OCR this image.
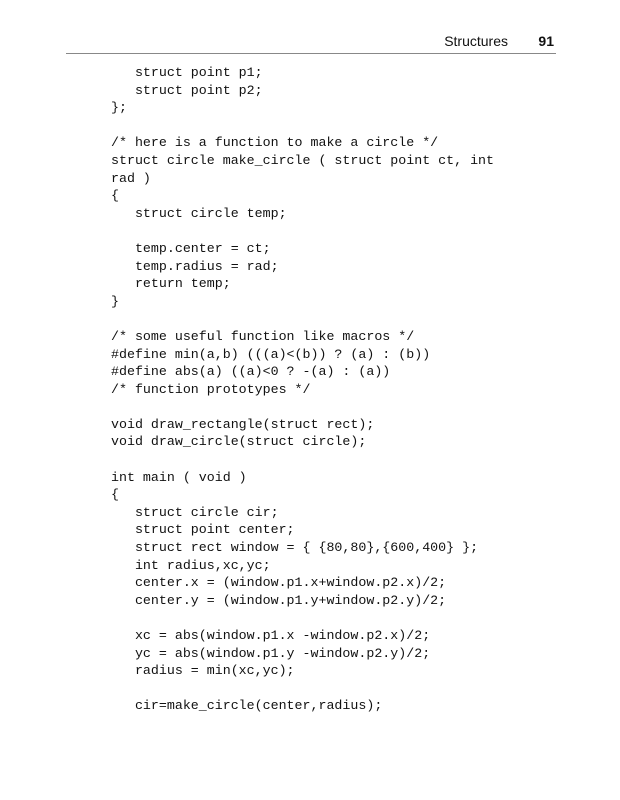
Structures 91
struct point p1;
struct point p2;
};
/* here is a function to make a circle */
struct circle make_circle ( struct point ct, int
rad )
{
struct circle temp;
temp.center = ct;
temp.radius = rad;
return temp;
}
/* some useful function like macros */
#define min(a,b) (((a)<(b)) ? (a) : (b))
#define abs(a) ((a)<0 ? -(a) : (a))
/* function prototypes */
void draw_rectangle(struct rect);
void draw_circle(struct circle);
int main ( void )
{
struct circle cir;
struct point center;
struct rect window = { {80,80},{600,400} };
int radius,xc,yc;
center.x = (window.p1.x+window.p2.x)/2;
center.y = (window.p1.y+window.p2.y)/2;
xc = abs(window.p1.x -window.p2.x)/2;
yc = abs(window.p1.y -window.p2.y)/2;
radius = min(xc,yc);
cir=make_circle(center,radius);
